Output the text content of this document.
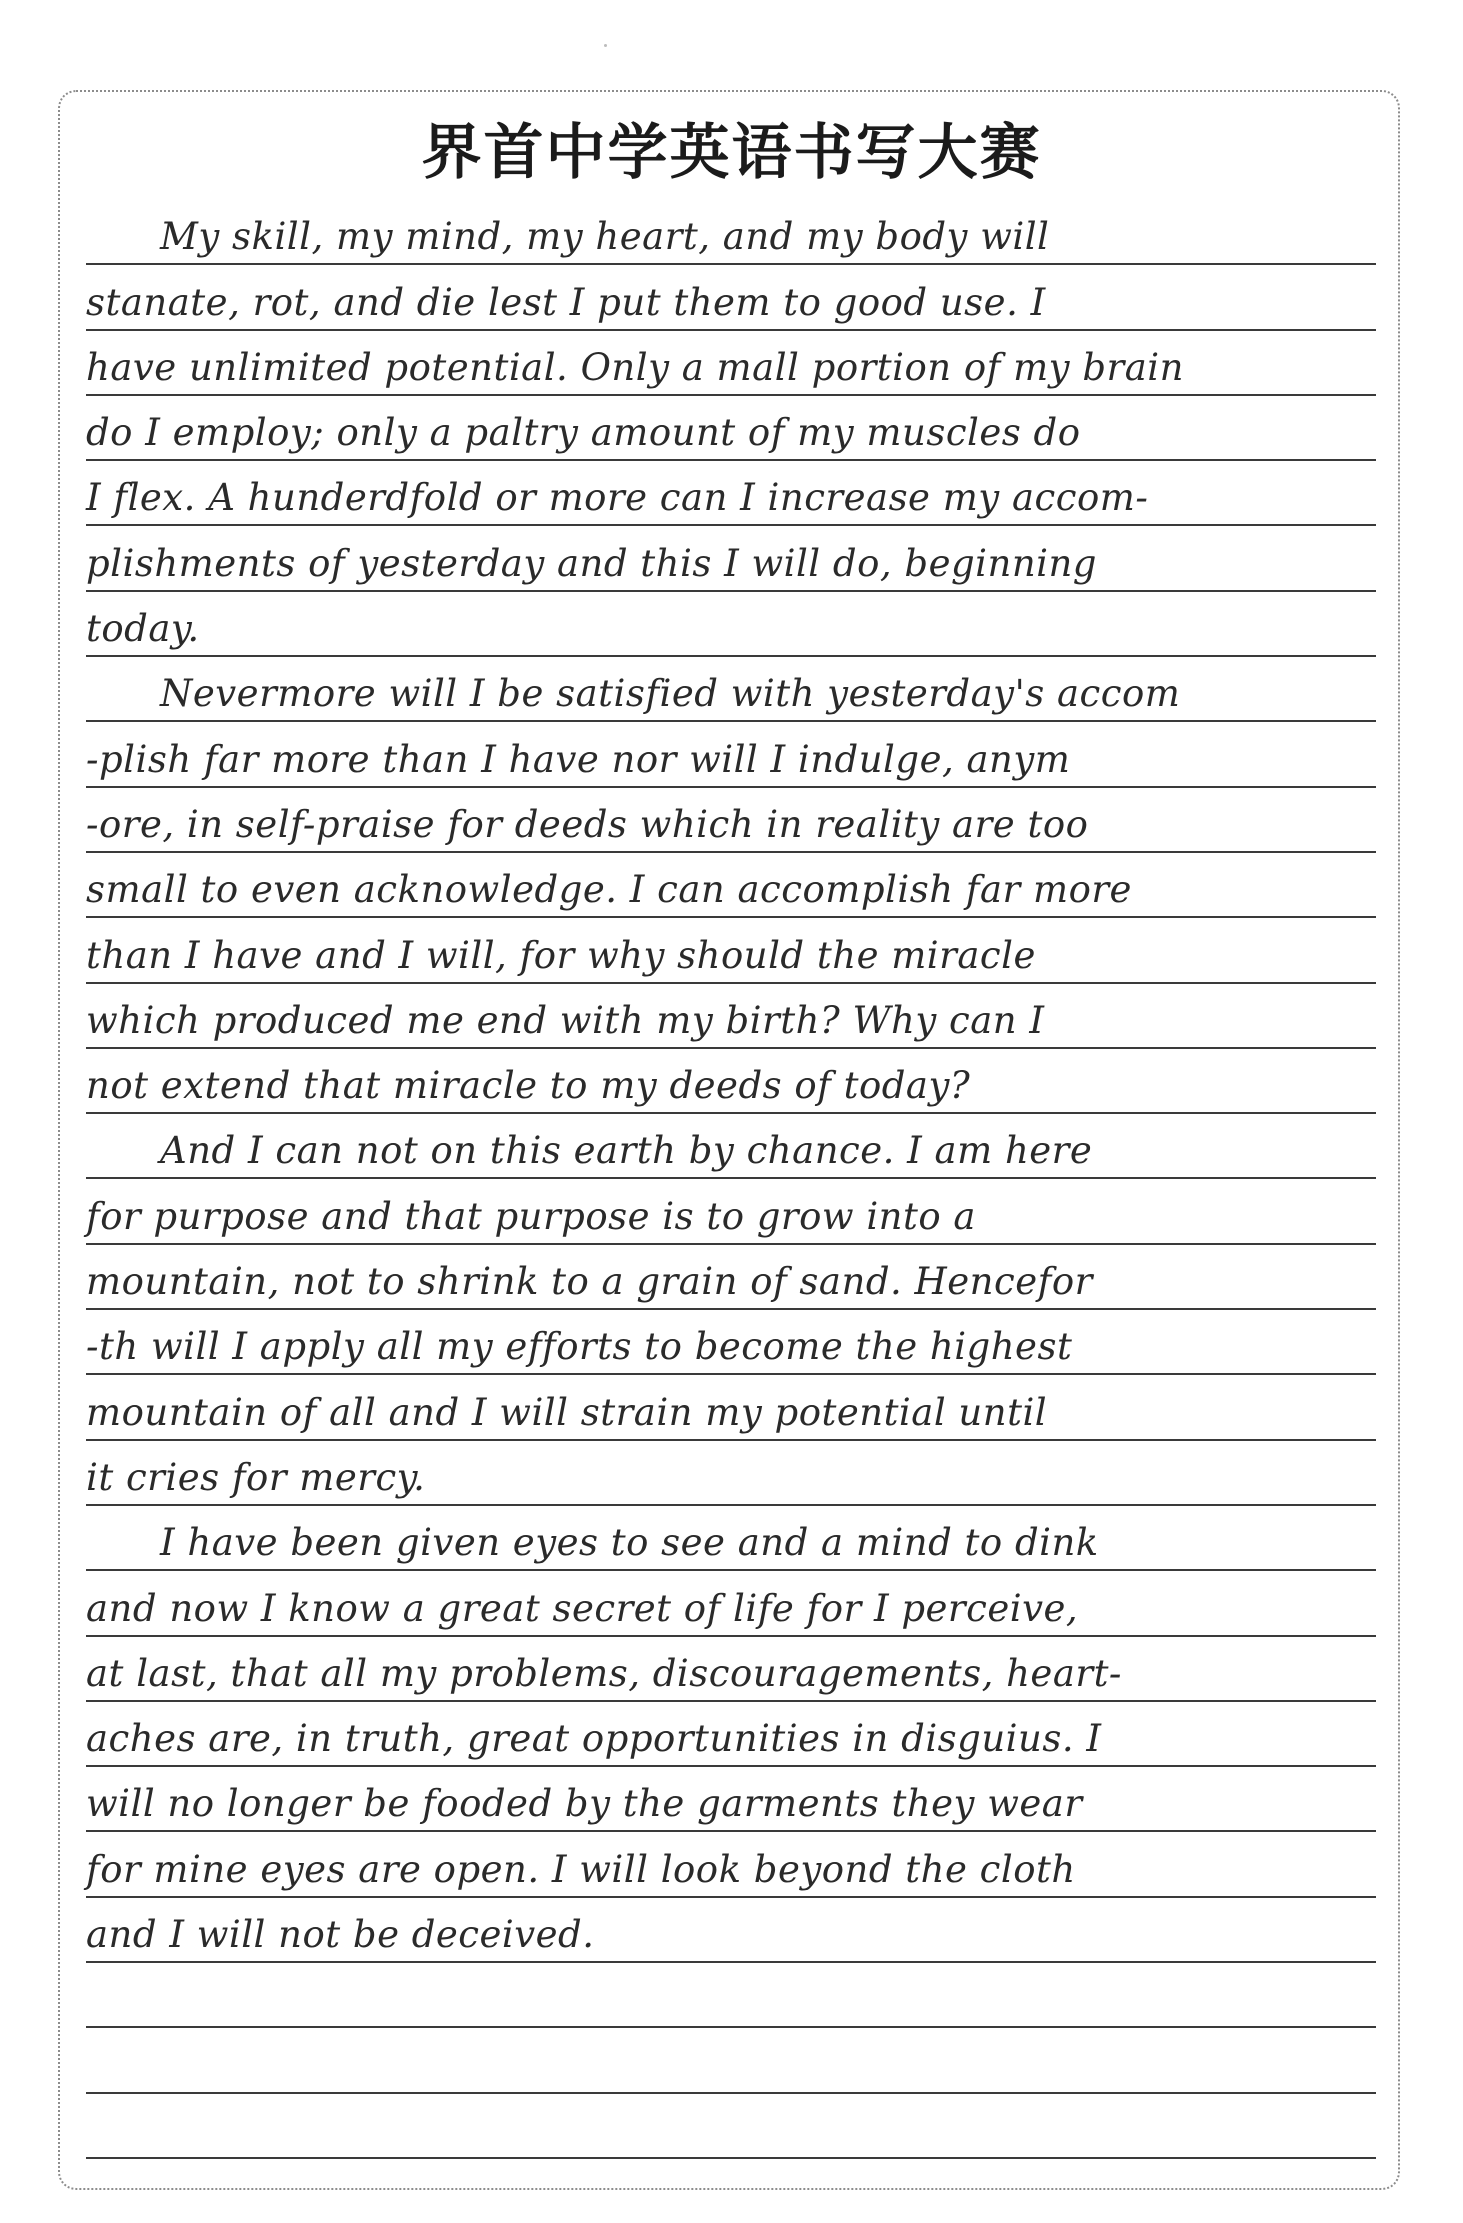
界首中学英语书写大赛
My skill, my mind, my heart, and my body will
stanate, rot, and die lest I put them to good use. I
have unlimited potential. Only a mall portion of my brain
do I employ; only a paltry amount of my muscles do
I flex. A hunderdfold or more can I increase my accom-
plishments of yesterday and this I will do, beginning
today.
Nevermore will I be satisfied with yesterday's accom
-plish far more than I have nor will I indulge, anym
-ore, in self-praise for deeds which in reality are too
small to even acknowledge. I can accomplish far more
than I have and I will, for why should the miracle
which produced me end with my birth? Why can I
not extend that miracle to my deeds of today?
And I can not on this earth by chance. I am here
for purpose and that purpose is to grow into a
mountain, not to shrink to a grain of sand. Hencefor
-th will I apply all my efforts to become the highest
mountain of all and I will strain my potential until
it cries for mercy.
I have been given eyes to see and a mind to dink
and now I know a great secret of life for I perceive,
at last, that all my problems, discouragements, heart-
aches are, in truth, great opportunities in disguius. I
will no longer be fooded by the garments they wear
for mine eyes are open. I will look beyond the cloth
and I will not be deceived.
